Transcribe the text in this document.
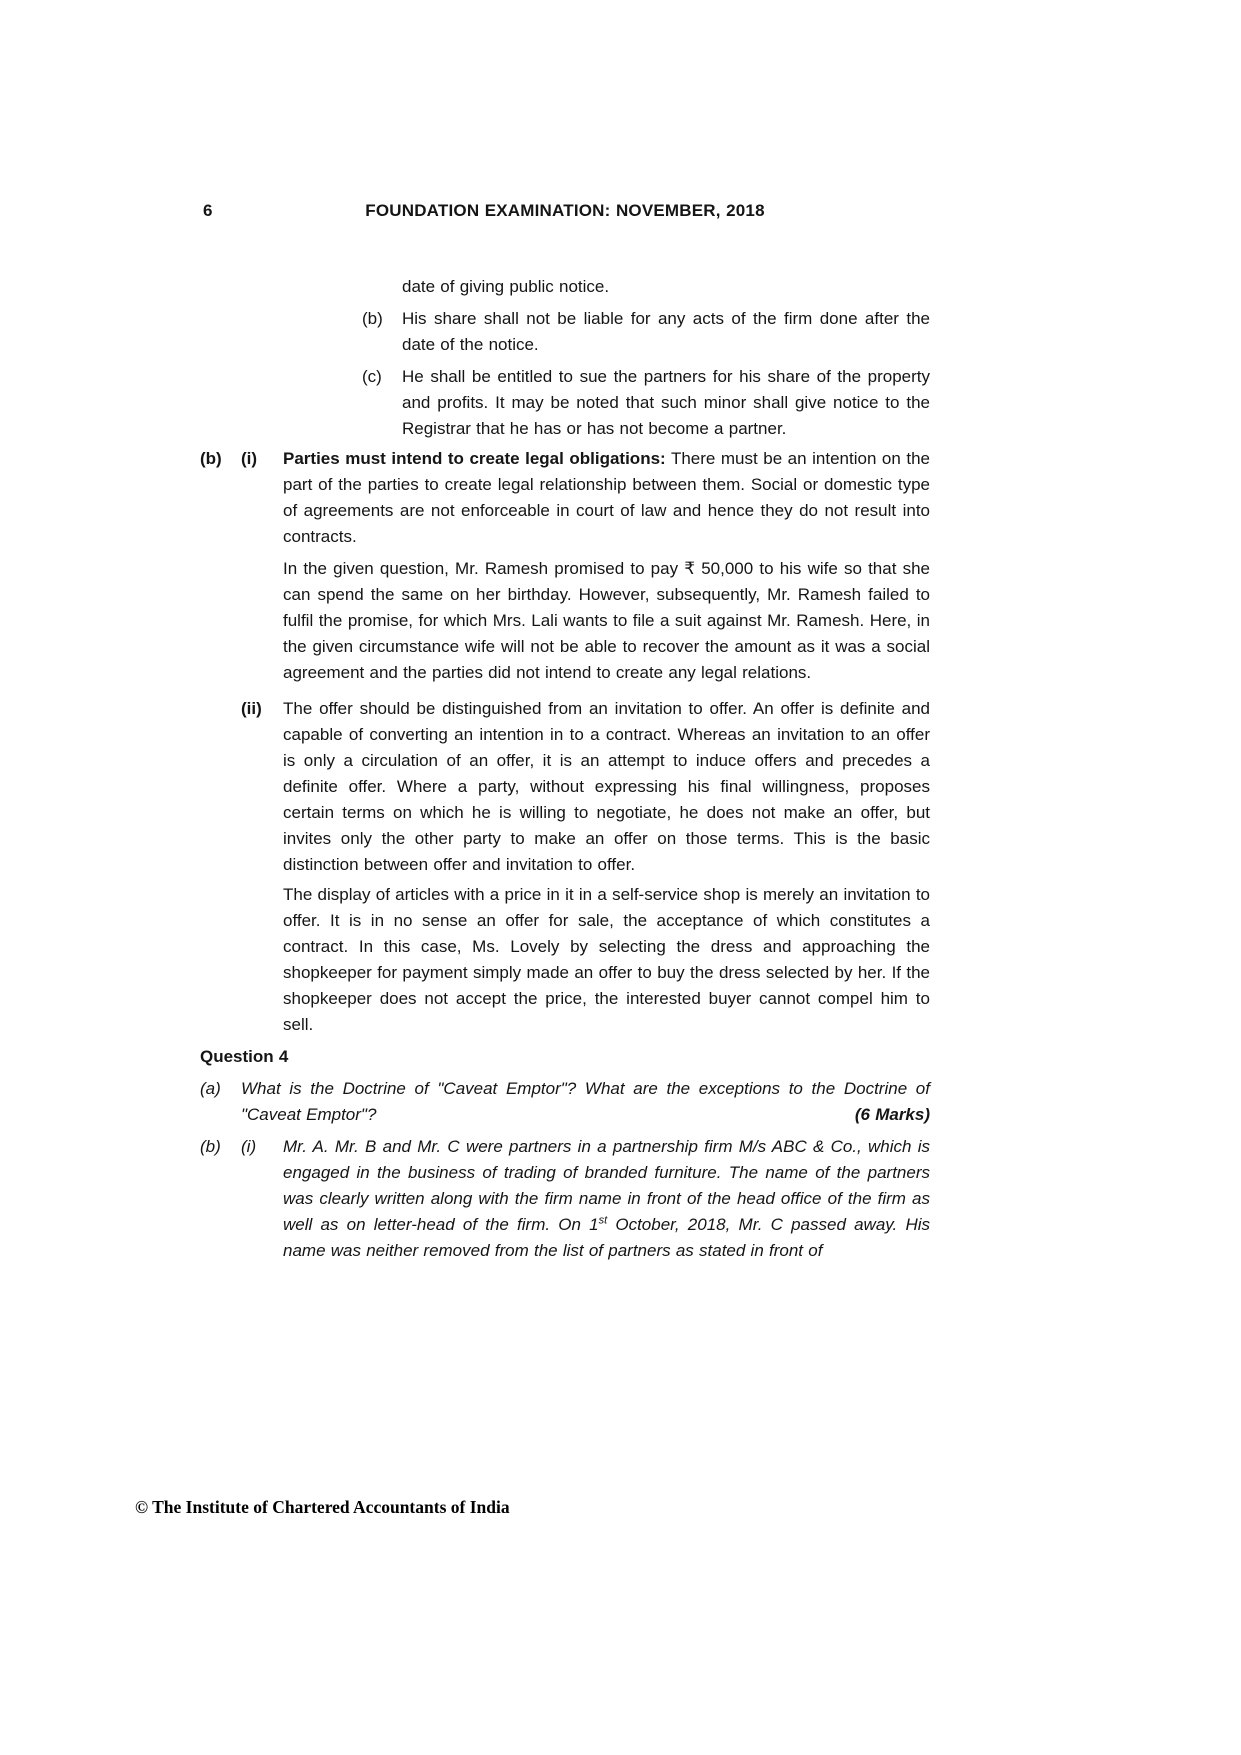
6	FOUNDATION EXAMINATION: NOVEMBER, 2018

date of giving public notice.

(b) His share shall not be liable for any acts of the firm done after the date of the notice.

(c) He shall be entitled to sue the partners for his share of the property and profits. It may be noted that such minor shall give notice to the Registrar that he has or has not become a partner.

(b) (i) Parties must intend to create legal obligations: There must be an intention on the part of the parties to create legal relationship between them. Social or domestic type of agreements are not enforceable in court of law and hence they do not result into contracts.

In the given question, Mr. Ramesh promised to pay ₹ 50,000 to his wife so that she can spend the same on her birthday. However, subsequently, Mr. Ramesh failed to fulfil the promise, for which Mrs. Lali wants to file a suit against Mr. Ramesh. Here, in the given circumstance wife will not be able to recover the amount as it was a social agreement and the parties did not intend to create any legal relations.

(ii) The offer should be distinguished from an invitation to offer. An offer is definite and capable of converting an intention in to a contract. Whereas an invitation to an offer is only a circulation of an offer, it is an attempt to induce offers and precedes a definite offer. Where a party, without expressing his final willingness, proposes certain terms on which he is willing to negotiate, he does not make an offer, but invites only the other party to make an offer on those terms. This is the basic distinction between offer and invitation to offer.

The display of articles with a price in it in a self-service shop is merely an invitation to offer. It is in no sense an offer for sale, the acceptance of which constitutes a contract. In this case, Ms. Lovely by selecting the dress and approaching the shopkeeper for payment simply made an offer to buy the dress selected by her. If the shopkeeper does not accept the price, the interested buyer cannot compel him to sell.

Question 4
(a) What is the Doctrine of "Caveat Emptor"? What are the exceptions to the Doctrine of "Caveat Emptor"?	(6 Marks)

(b) (i) Mr. A. Mr. B and Mr. C were partners in a partnership firm M/s ABC & Co., which is engaged in the business of trading of branded furniture. The name of the partners was clearly written along with the firm name in front of the head office of the firm as well as on letter-head of the firm. On 1st October, 2018, Mr. C passed away. His name was neither removed from the list of partners as stated in front of

© The Institute of Chartered Accountants of India
